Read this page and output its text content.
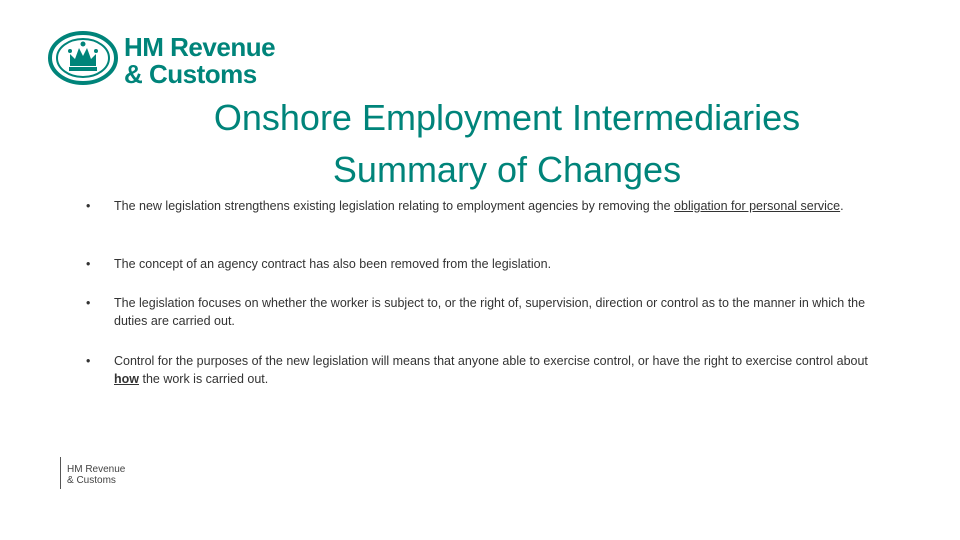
HM Revenue
& Customs
Onshore Employment Intermediaries
Summary of Changes
• The new legislation strengthens existing legislation relating to employment agencies by removing the obligation for personal service.
• The concept of an agency contract has also been removed from the legislation.
• The legislation focuses on whether the worker is subject to, or the right of, supervision, direction or control as to the manner in which the duties are carried out.
• Control for the purposes of the new legislation will means that anyone able to exercise control, or have the right to exercise control about how the work is carried out.
HM Revenue
& Customs
